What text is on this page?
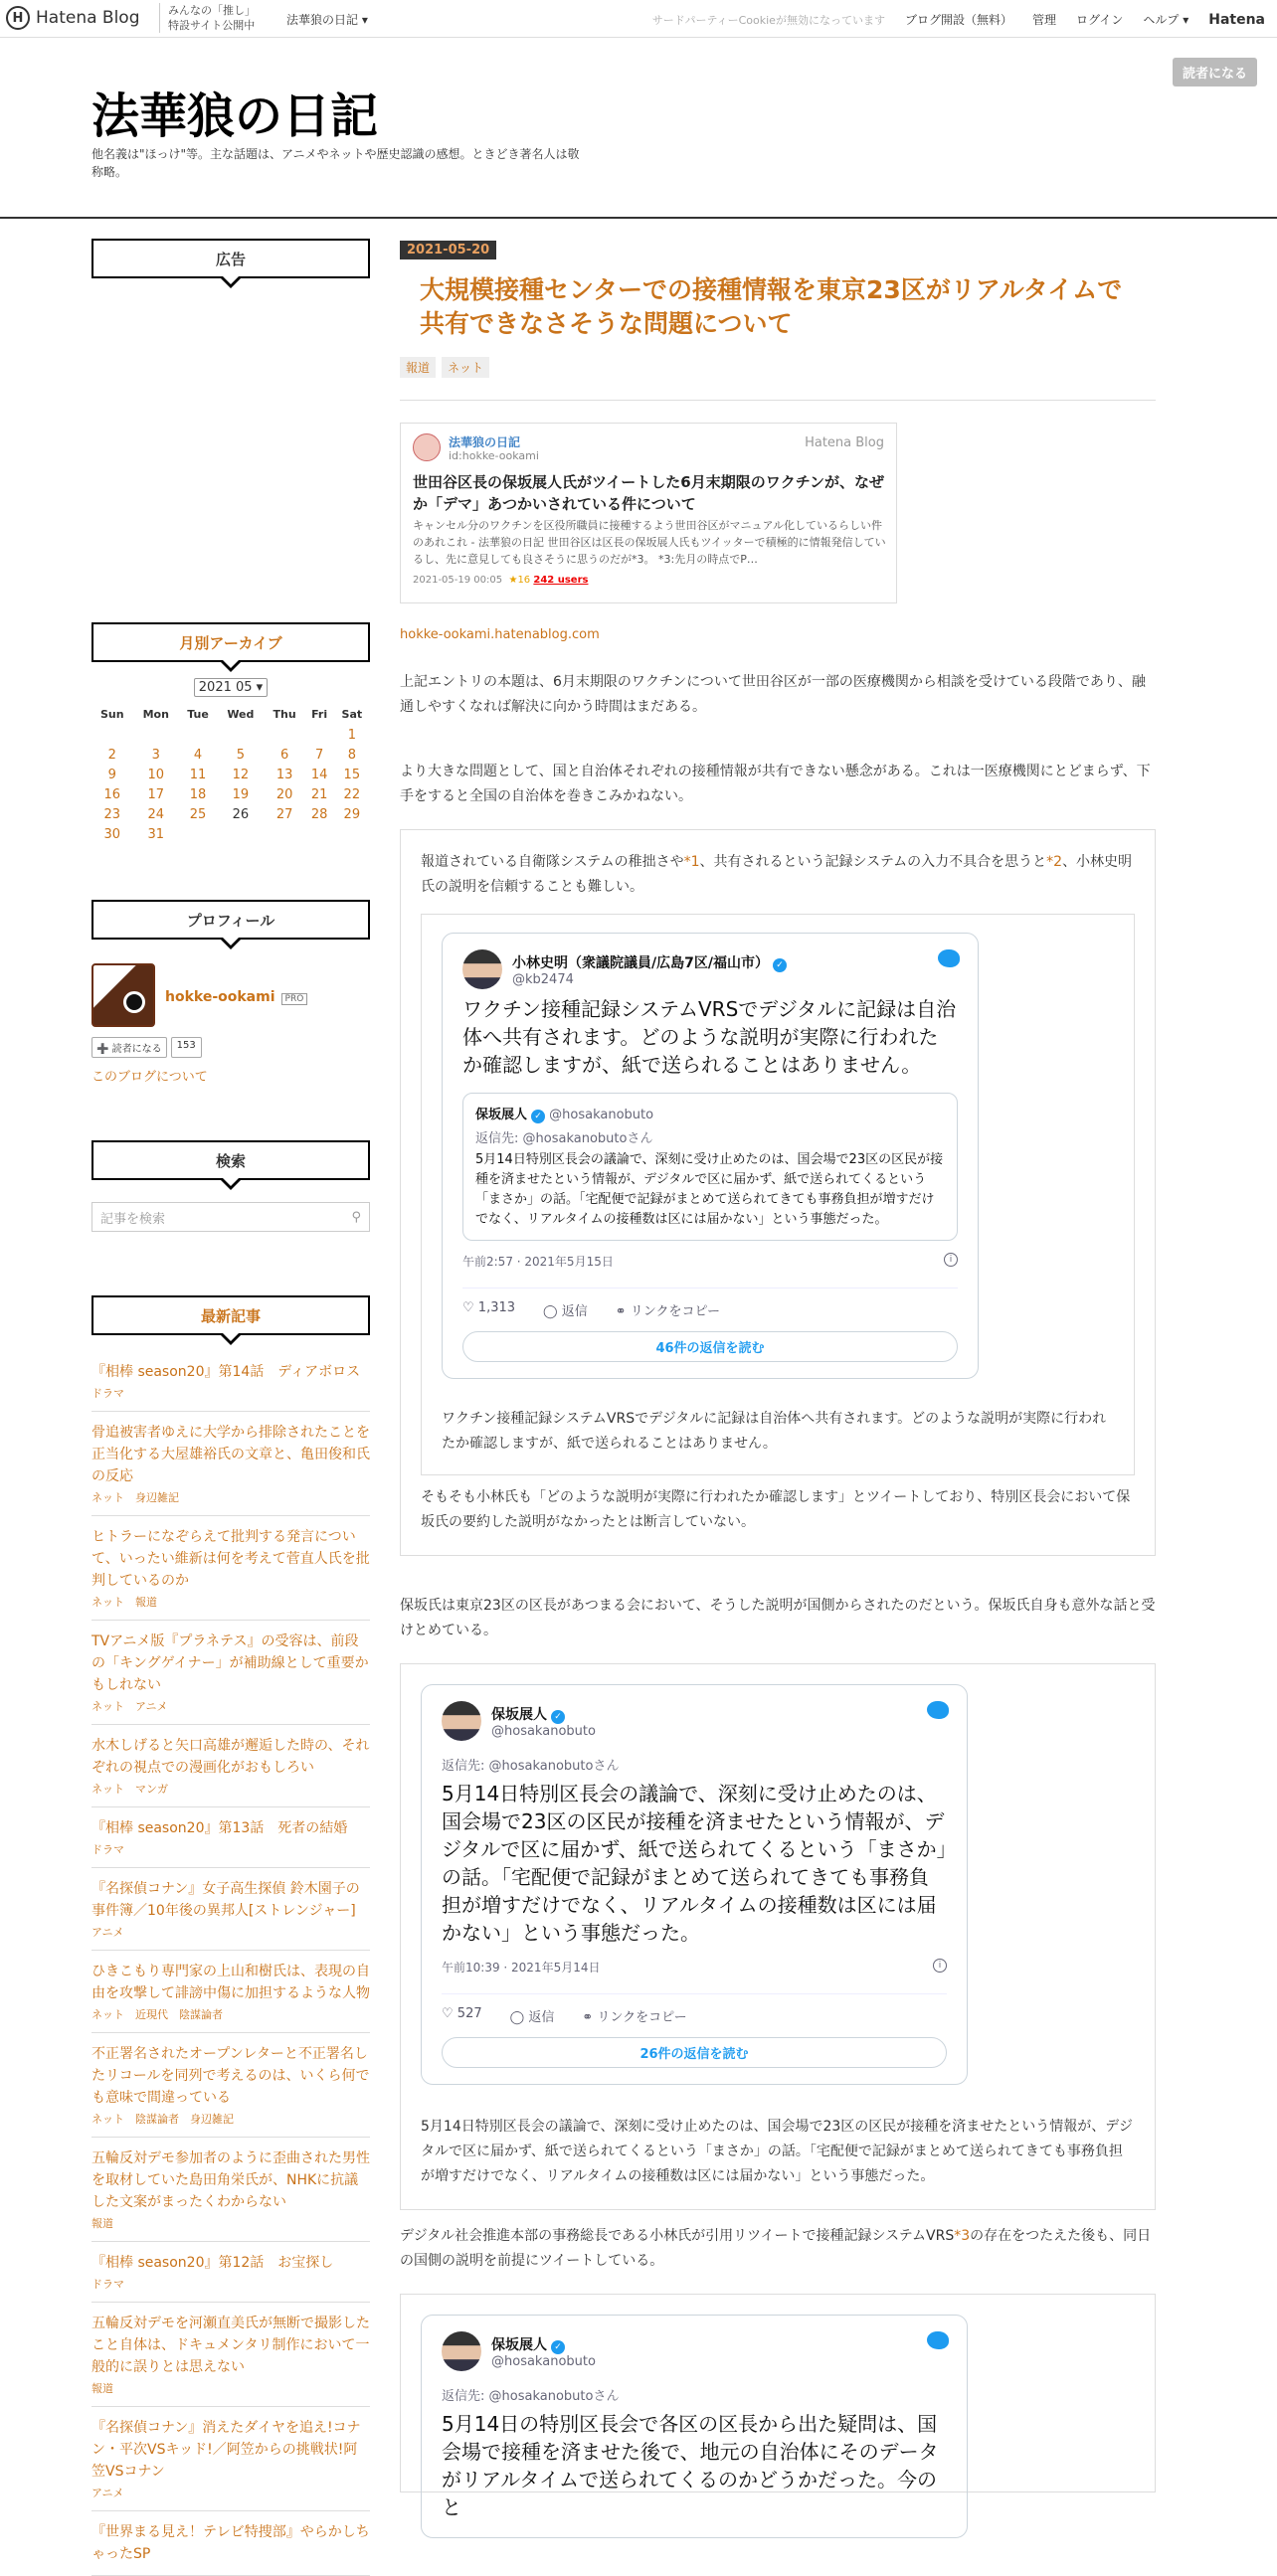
H Hatena Blog	みんなの「推し」
特設サイト公開中	法華狼の日記 ▾	サードパーティーCookieが無効になっています ブログ開設（無料） 管理 ログイン ヘルプ ▾ Hatena
法華狼の日記
他名義は"ほっけ"等。主な話題は、アニメやネットや歴史認識の感想。ときどき著名人は敬称略。
読者になる
広告
月別アーカイブ
2021 05 ▾
Sun	Mon	Tue	Wed	Thu	Fri	Sat
						1
2	3	4	5	6	7	8
9	10	11	12	13	14	15
16	17	18	19	20	21	22
23	24	25	26	27	28	29
30	31					
プロフィール
hokke-ookami PRO
➕ 読者になる	153
このブログについて
検索
記事を検索	⚲
最新記事
『相棒 season20』第14話　ディアボロス
ドラマ
骨追被害者ゆえに大学から排除されたことを正当化する大屋雄裕氏の文章と、亀田俊和氏の反応
ネット　身辺雑記
ヒトラーになぞらえて批判する発言について、いったい維新は何を考えて菅直人氏を批判しているのか
ネット　報道
TVアニメ版『プラネテス』の受容は、前段の「キングゲイナー」が補助線として重要かもしれない
ネット　アニメ
水木しげると矢口高雄が邂逅した時の、それぞれの視点での漫画化がおもしろい
ネット　マンガ
『相棒 season20』第13話　死者の結婚
ドラマ
『名探偵コナン』女子高生探偵 鈴木園子の事件簿／10年後の異邦人[ストレンジャー]
アニメ
ひきこもり専門家の上山和樹氏は、表現の自由を攻撃して誹謗中傷に加担するような人物
ネット　近現代　陰謀論者
不正署名されたオープンレターと不正署名したリコールを同列で考えるのは、いくら何でも意味で間違っている
ネット　陰謀論者　身辺雑記
五輪反対デモ参加者のように歪曲された男性を取材していた島田角栄氏が、NHKに抗議した文案がまったくわからない
報道
『相棒 season20』第12話　お宝探し
ドラマ
五輪反対デモを河瀬直美氏が無断で撮影したこと自体は、ドキュメンタリ制作において一般的に誤りとは思えない
報道
『名探偵コナン』消えたダイヤを追え!コナン・平次VSキッド!／阿笠からの挑戦状!阿笠VSコナン
アニメ
『世界まる見え！テレビ特捜部』やらかしちゃったSP
2021-05-20
大規模接種センターでの接種情報を東京23区がリアルタイムで共有できなさそうな問題について
報道	ネット
法華狼の日記
id:hokke-ookami
Hatena Blog
世田谷区長の保坂展人氏がツイートした6月末期限のワクチンが、なぜか「デマ」あつかいされている件について
キャンセル分のワクチンを区役所職員に接種するよう世田谷区がマニュアル化しているらしい件のあれこれ - 法華狼の日記 世田谷区は区長の保坂展人氏もツイッターで積極的に情報発信しているし、先に意見しても良さそうに思うのだが*3。 *3:先月の時点でP…
2021-05-19 00:05 ★16 242 users
hokke-ookami.hatenablog.com
上記エントリの本題は、6月末期限のワクチンについて世田谷区が一部の医療機関から相談を受けている段階であり、融通しやすくなれば解決に向かう時間はまだある。
より大きな問題として、国と自治体それぞれの接種情報が共有できない懸念がある。これは一医療機関にとどまらず、下手をすると全国の自治体を巻きこみかねない。
報道されている自衛隊システムの稚拙さや*1、共有されるという記録システムの入力不具合を思うと*2、小林史明氏の説明を信頼することも難しい。
小林史明（衆議院議員/広島7区/福山市） ✓
@kb2474
ワクチン接種記録システムVRSでデジタルに記録は自治体へ共有されます。どのような説明が実際に行われたか確認しますが、紙で送られることはありません。
保坂展人 ✓ @hosakanobuto
返信先: @hosakanobutoさん
5月14日特別区長会の議論で、深刻に受け止めたのは、国会場で23区の区民が接種を済ませたという情報が、デジタルで区に届かず、紙で送られてくるという「まさか」の話。「宅配便で記録がまとめて送られてきても事務負担が増すだけでなく、リアルタイムの接種数は区には届かない」という事態だった。
午前2:57 · 2021年5月15日	i
♡ 1,313 ◯ 返信 ⚭ リンクをコピー
46件の返信を読む
ワクチン接種記録システムVRSでデジタルに記録は自治体へ共有されます。どのような説明が実際に行われたか確認しますが、紙で送られることはありません。
そもそも小林氏も「どのような説明が実際に行われたか確認します」とツイートしており、特別区長会において保坂氏の要約した説明がなかったとは断言していない。
保坂氏は東京23区の区長があつまる会において、そうした説明が国側からされたのだという。保坂氏自身も意外な話と受けとめている。
保坂展人 ✓
@hosakanobuto
返信先: @hosakanobutoさん
5月14日特別区長会の議論で、深刻に受け止めたのは、国会場で23区の区民が接種を済ませたという情報が、デジタルで区に届かず、紙で送られてくるという「まさか」の話。「宅配便で記録がまとめて送られてきても事務負担が増すだけでなく、リアルタイムの接種数は区には届かない」という事態だった。
午前10:39 · 2021年5月14日	i
♡ 527 ◯ 返信 ⚭ リンクをコピー
26件の返信を読む
5月14日特別区長会の議論で、深刻に受け止めたのは、国会場で23区の区民が接種を済ませたという情報が、デジタルで区に届かず、紙で送られてくるという「まさか」の話。「宅配便で記録がまとめて送られてきても事務負担が増すだけでなく、リアルタイムの接種数は区には届かない」という事態だった。
デジタル社会推進本部の事務総長である小林氏が引用リツイートで接種記録システムVRS*3の存在をつたえた後も、同日の国側の説明を前提にツイートしている。
保坂展人 ✓
@hosakanobuto
返信先: @hosakanobutoさん
5月14日の特別区長会で各区の区長から出た疑問は、国会場で接種を済ませた後で、地元の自治体にそのデータがリアルタイムで送られてくるのかどうかだった。今のと
